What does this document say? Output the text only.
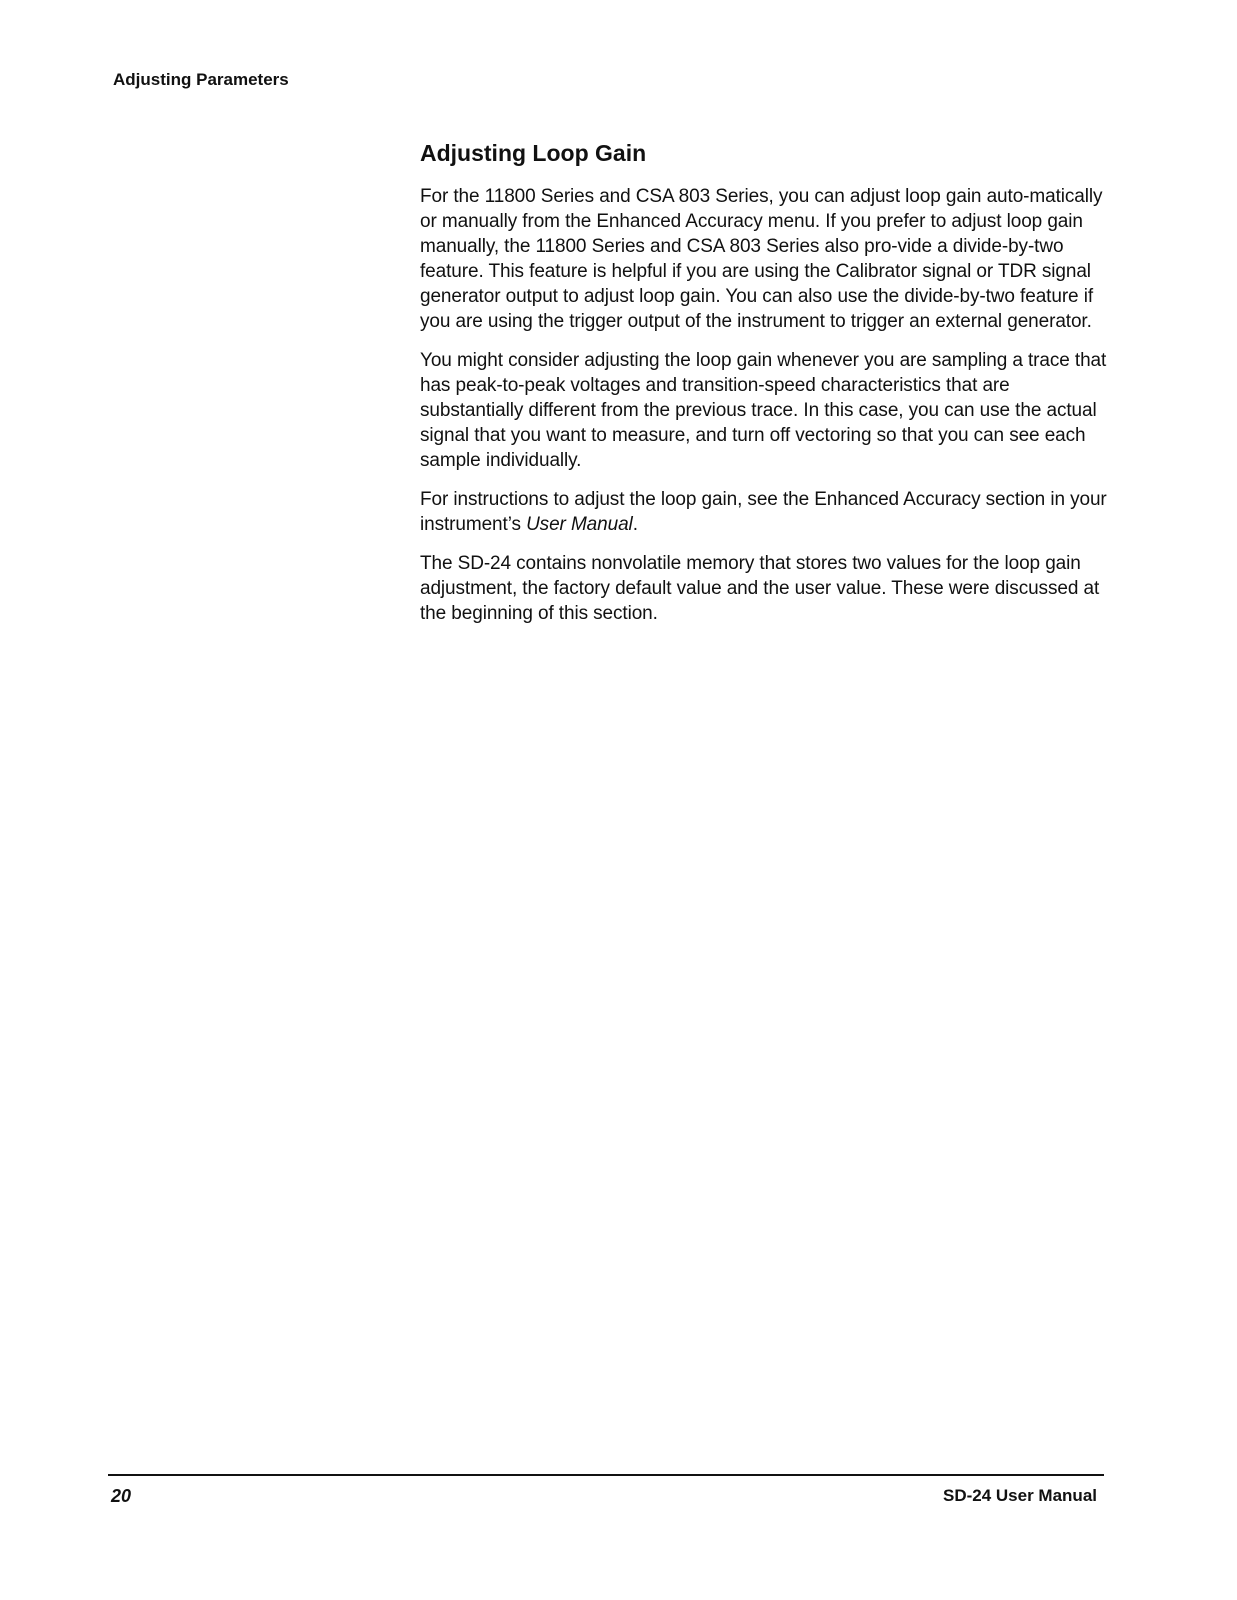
Adjusting Parameters
Adjusting Loop Gain

For the 11800 Series and CSA 803 Series, you can adjust loop gain auto-matically or manually from the Enhanced Accuracy menu. If you prefer to adjust loop gain manually, the 11800 Series and CSA 803 Series also pro-vide a divide-by-two feature. This feature is helpful if you are using the Calibrator signal or TDR signal generator output to adjust loop gain. You can also use the divide-by-two feature if you are using the trigger output of the instrument to trigger an external generator.

You might consider adjusting the loop gain whenever you are sampling a trace that has peak-to-peak voltages and transition-speed characteristics that are substantially different from the previous trace. In this case, you can use the actual signal that you want to measure, and turn off vectoring so that you can see each sample individually.

For instructions to adjust the loop gain, see the Enhanced Accuracy section in your instrument’s User Manual.

The SD-24 contains nonvolatile memory that stores two values for the loop gain adjustment, the factory default value and the user value. These were discussed at the beginning of this section.

20	SD-24 User Manual
